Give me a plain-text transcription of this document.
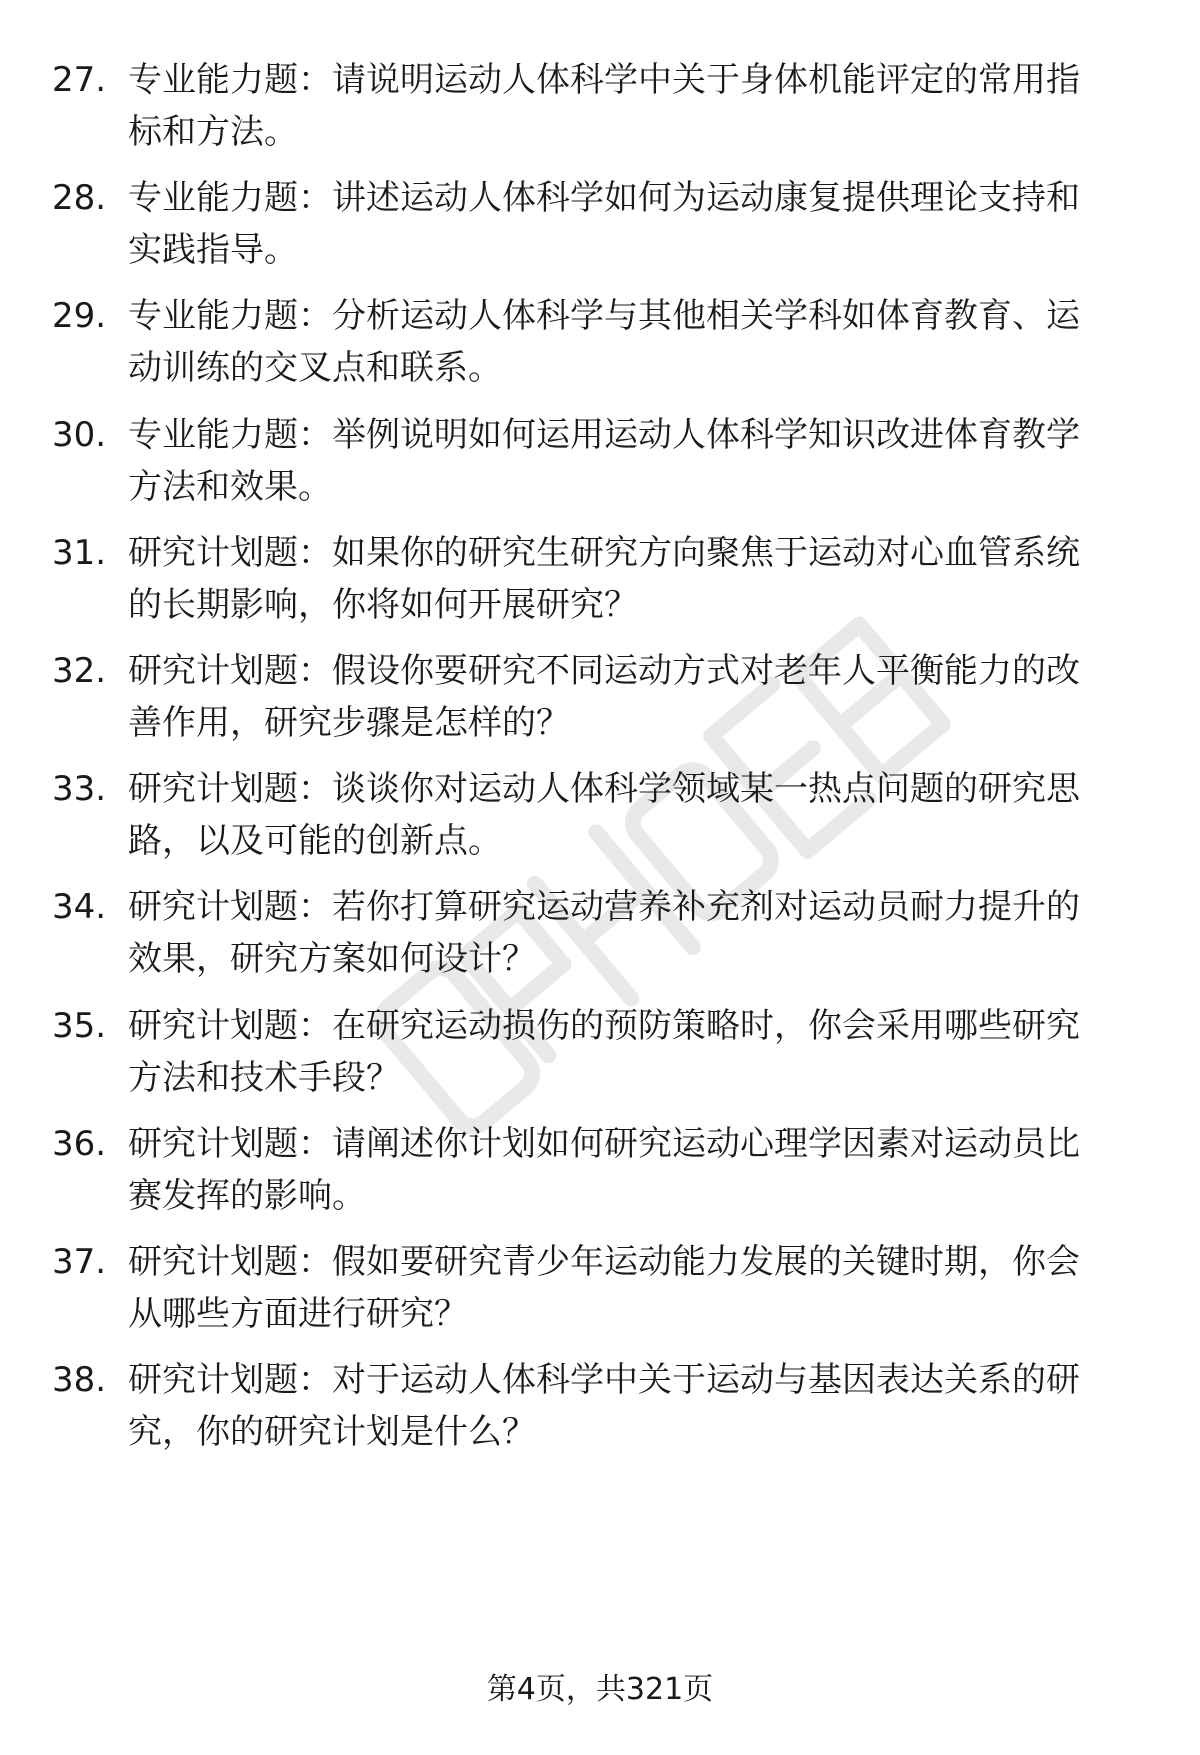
27. 专业能力题：请说明运动人体科学中关于身体机能评定的常用指
标和方法。
28. 专业能力题：讲述运动人体科学如何为运动康复提供理论支持和
实践指导。
29. 专业能力题：分析运动人体科学与其他相关学科如体育教育、运
动训练的交叉点和联系。
30. 专业能力题：举例说明如何运用运动人体科学知识改进体育教学
方法和效果。
31. 研究计划题：如果你的研究生研究方向聚焦于运动对心血管系统
的长期影响，你将如何开展研究？
32. 研究计划题：假设你要研究不同运动方式对老年人平衡能力的改
善作用，研究步骤是怎样的？
33. 研究计划题：谈谈你对运动人体科学领域某一热点问题的研究思
路，以及可能的创新点。
34. 研究计划题：若你打算研究运动营养补充剂对运动员耐力提升的
效果，研究方案如何设计？
35. 研究计划题：在研究运动损伤的预防策略时，你会采用哪些研究
方法和技术手段？
36. 研究计划题：请阐述你计划如何研究运动心理学因素对运动员比
赛发挥的影响。
37. 研究计划题：假如要研究青少年运动能力发展的关键时期，你会
从哪些方面进行研究？
38. 研究计划题：对于运动人体科学中关于运动与基因表达关系的研
究，你的研究计划是什么？
第4页，共321页
